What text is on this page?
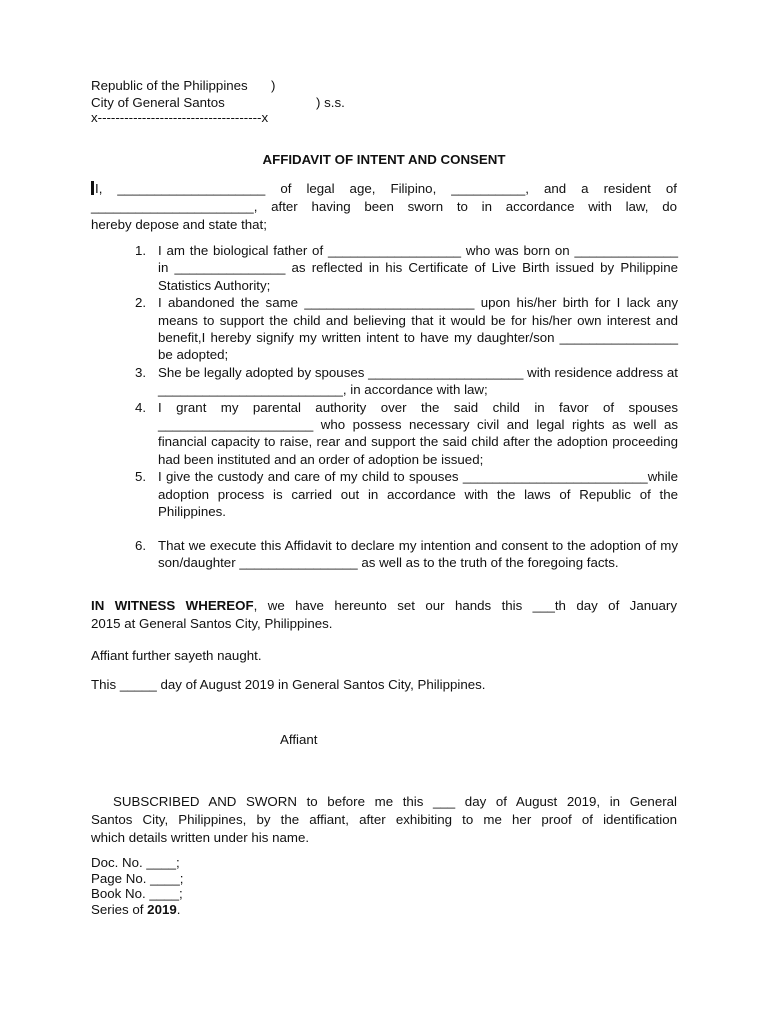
Republic of the Philippines )
City of General Santos	) s.s.
x-------------------------------------x
AFFIDAVIT OF INTENT AND CONSENT
I, ____________________ of legal age, Filipino, __________, and a resident of
______________________, after having been sworn to in accordance with law, do
hereby depose and state that;
1. I am the biological father of __________________ who was born on ______________ in _______________ as reflected in his Certificate of Live Birth issued by Philippine Statistics Authority;
2. I abandoned the same _______________________ upon his/her birth for I lack any means to support the child and believing that it would be for his/her own interest and benefit,I hereby signify my written intent to have my daughter/son ________________ be adopted;
3. She be legally adopted by spouses _____________________ with residence address at _________________________, in accordance with law;
4. I grant my parental authority over the said child in favor of spouses _____________________ who possess necessary civil and legal rights as well as financial capacity to raise, rear and support the said child after the adoption proceeding had been instituted and an order of adoption be issued;
5. I give the custody and care of my child to spouses _________________________while adoption process is carried out in accordance with the laws of Republic of the Philippines.
6. That we execute this Affidavit to declare my intention and consent to the adoption of my son/daughter ________________ as well as to the truth of the foregoing facts.
IN WITNESS WHEREOF, we have hereunto set our hands this ___th day of January
2015 at General Santos City, Philippines.
Affiant further sayeth naught.
This _____ day of August 2019 in General Santos City, Philippines.
Affiant
SUBSCRIBED AND SWORN to before me this ___ day of August 2019, in General
Santos City, Philippines, by the affiant, after exhibiting to me her proof of identification
which details written under his name.
Doc. No. ____;
Page No. ____;
Book No. ____;
Series of 2019.
